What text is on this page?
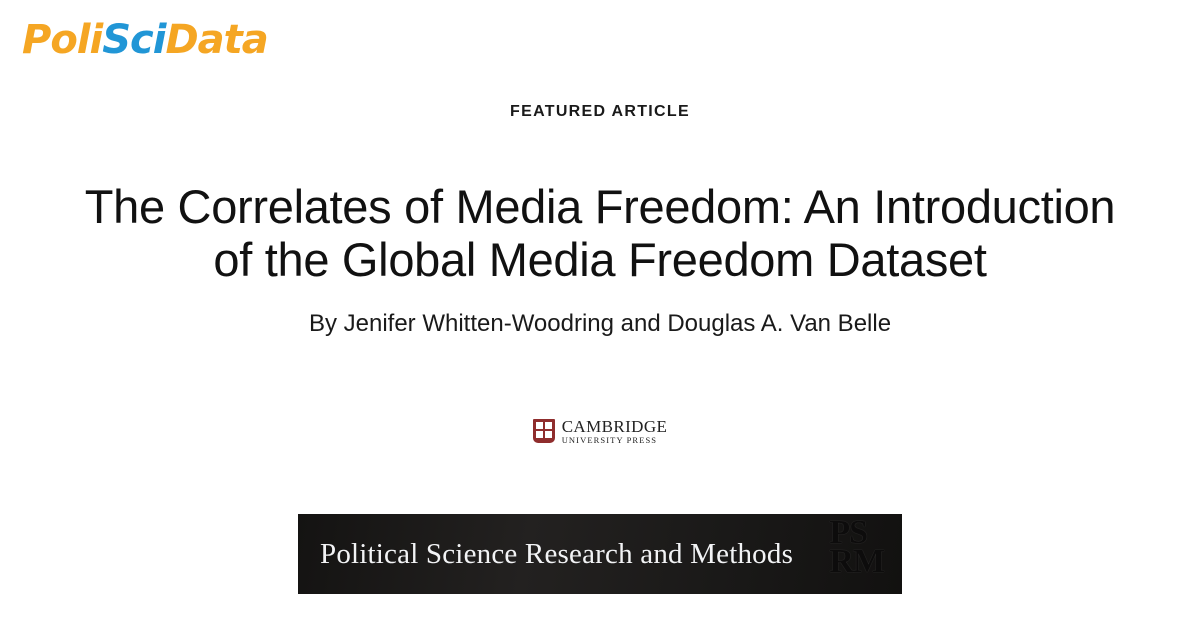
PoliSciData
FEATURED ARTICLE
The Correlates of Media Freedom: An Introduction of the Global Media Freedom Dataset
By Jenifer Whitten-Woodring and Douglas A. Van Belle
CAMBRIDGE
UNIVERSITY PRESS
Political Science Research and Methods
PS
RM
